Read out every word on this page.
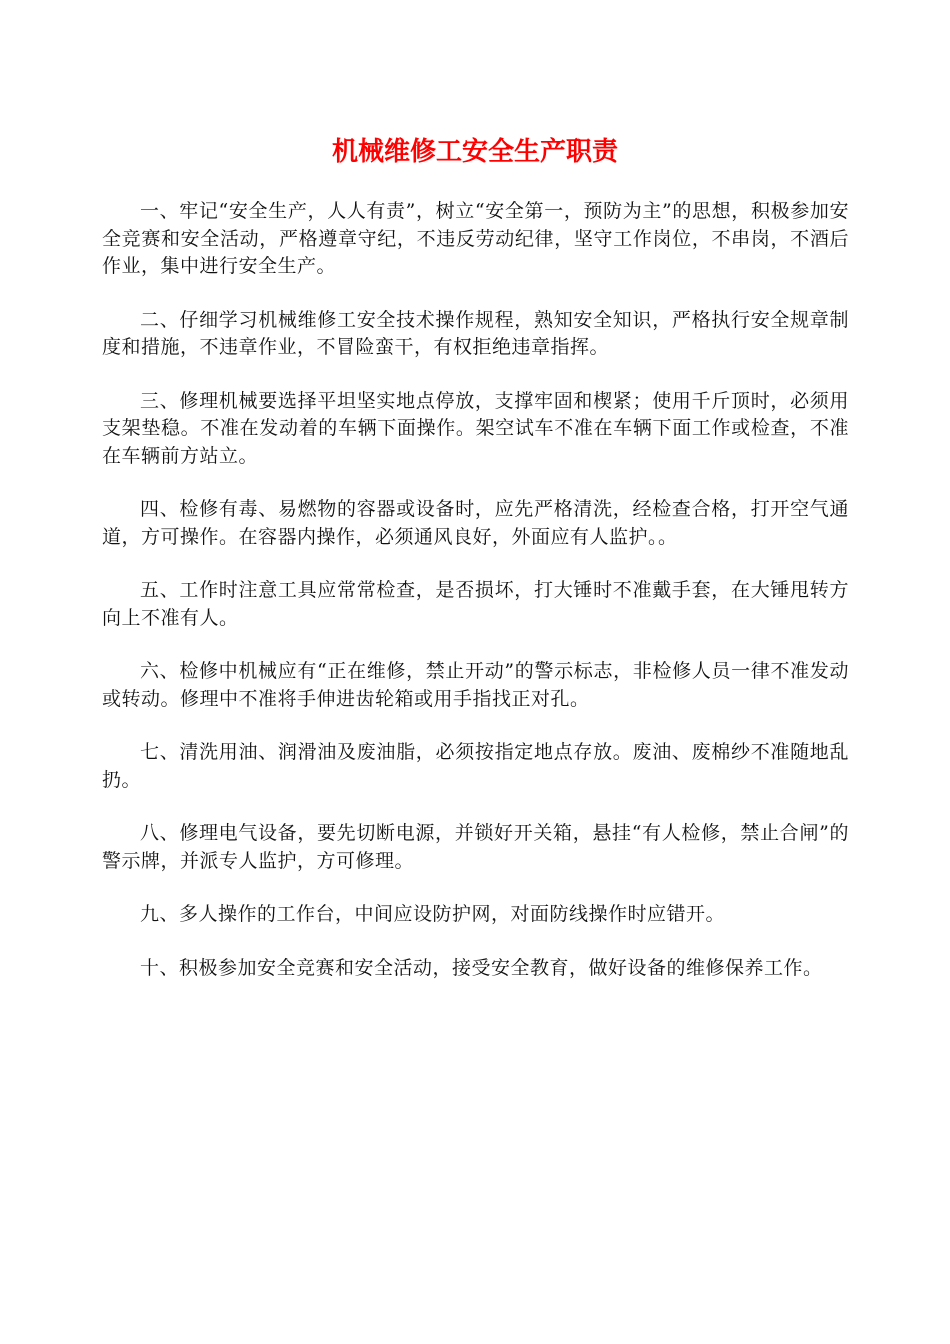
机械维修工安全生产职责

一、牢记“安全生产，人人有责”，树立“安全第一，预防为主”的思想，积极参加安全竞赛和安全活动，严格遵章守纪，不违反劳动纪律，坚守工作岗位，不串岗，不酒后作业，集中进行安全生产。

二、仔细学习机械维修工安全技术操作规程，熟知安全知识，严格执行安全规章制度和措施，不违章作业，不冒险蛮干，有权拒绝违章指挥。

三、修理机械要选择平坦坚实地点停放，支撑牢固和楔紧；使用千斤顶时，必须用支架垫稳。不准在发动着的车辆下面操作。架空试车不准在车辆下面工作或检查，不准在车辆前方站立。

四、检修有毒、易燃物的容器或设备时，应先严格清洗，经检查合格，打开空气通道，方可操作。在容器内操作，必须通风良好，外面应有人监护。。

五、工作时注意工具应常常检查，是否损坏，打大锤时不准戴手套，在大锤甩转方向上不准有人。

六、检修中机械应有“正在维修，禁止开动”的警示标志，非检修人员一律不准发动或转动。修理中不准将手伸进齿轮箱或用手指找正对孔。

七、清洗用油、润滑油及废油脂，必须按指定地点存放。废油、废棉纱不准随地乱扔。

八、修理电气设备，要先切断电源，并锁好开关箱，悬挂“有人检修，禁止合闸”的警示牌，并派专人监护，方可修理。

九、多人操作的工作台，中间应设防护网，对面防线操作时应错开。

十、积极参加安全竞赛和安全活动，接受安全教育，做好设备的维修保养工作。
